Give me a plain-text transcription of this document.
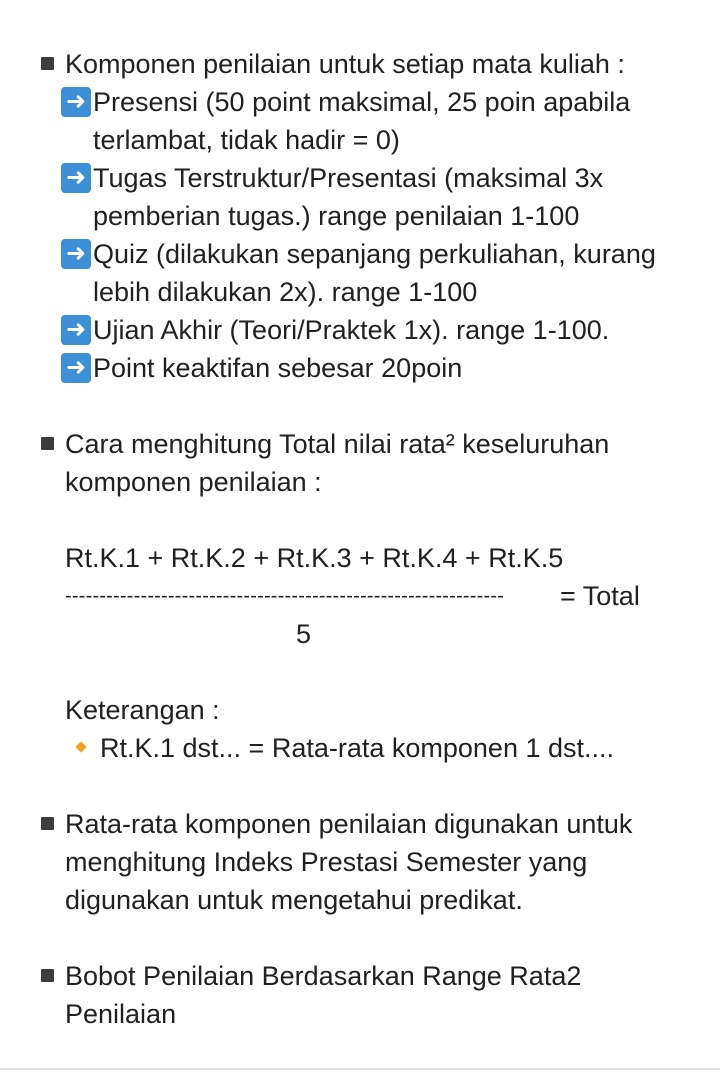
Komponen penilaian untuk setiap mata kuliah :
➜ Presensi (50 point maksimal, 25 poin apabila
terlambat, tidak hadir = 0)
➜ Tugas Terstruktur/Presentasi (maksimal 3x
pemberian tugas.) range penilaian 1-100
➜ Quiz (dilakukan sepanjang perkuliahan, kurang
lebih dilakukan 2x). range 1-100
➜ Ujian Akhir (Teori/Praktek 1x). range 1-100.
➜ Point keaktifan sebesar 20poin
Cara menghitung Total nilai rata² keseluruhan
komponen penilaian :
Rt.K.1 + Rt.K.2 + Rt.K.3 + Rt.K.4 + Rt.K.5
----------------------------------------------------------------	= Total
5
Keterangan :
Rt.K.1 dst... = Rata-rata komponen 1 dst....
Rata-rata komponen penilaian digunakan untuk
menghitung Indeks Prestasi Semester yang
digunakan untuk mengetahui predikat.
Bobot Penilaian Berdasarkan Range Rata2
Penilaian
